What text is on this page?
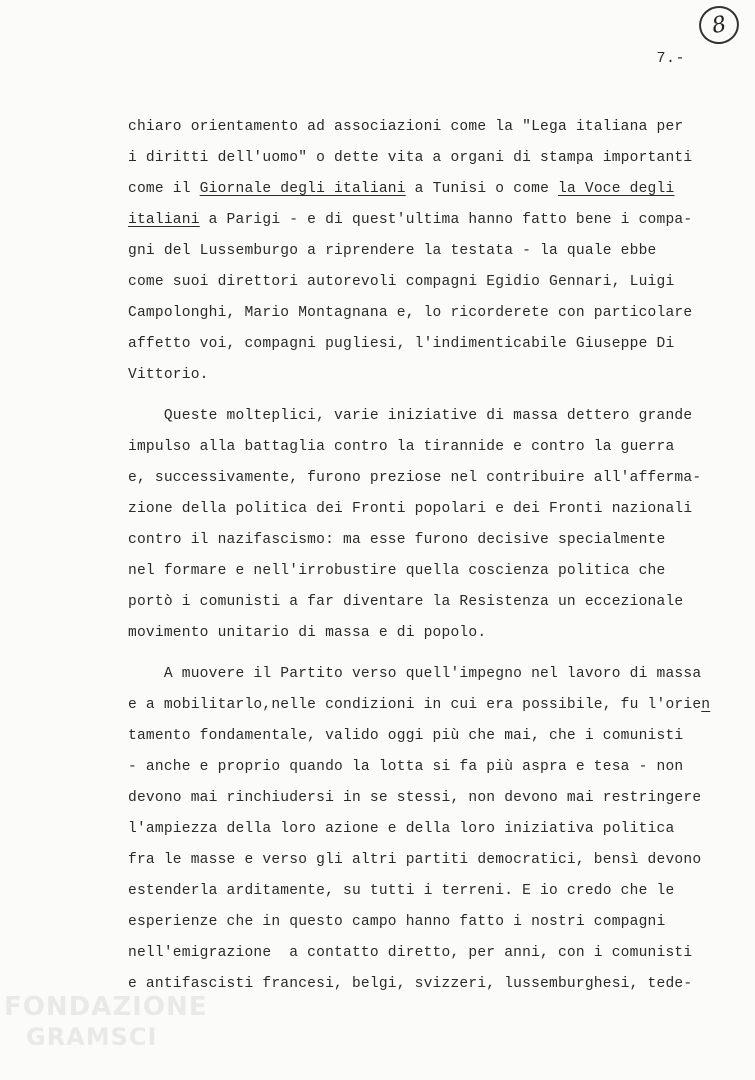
8
7.-
chiaro orientamento ad associazioni come la "Lega italiana per
i diritti dell'uomo" o dette vita a organi di stampa importanti
come il Giornale degli italiani a Tunisi o come la Voce degli
italiani a Parigi - e di quest'ultima hanno fatto bene i compa-
gni del Lussemburgo a riprendere la testata - la quale ebbe
come suoi direttori autorevoli compagni Egidio Gennari, Luigi
Campolonghi, Mario Montagnana e, lo ricorderete con particolare
affetto voi, compagni pugliesi, l'indimenticabile Giuseppe Di
Vittorio.
Queste molteplici, varie iniziative di massa dettero grande
impulso alla battaglia contro la tirannide e contro la guerra
e, successivamente, furono preziose nel contribuire all'afferma-
zione della politica dei Fronti popolari e dei Fronti nazionali
contro il nazifascismo: ma esse furono decisive specialmente
nel formare e nell'irrobustire quella coscienza politica che
portò i comunisti a far diventare la Resistenza un eccezionale
movimento unitario di massa e di popolo.
A muovere il Partito verso quell'impegno nel lavoro di massa
e a mobilitarlo,nelle condizioni in cui era possibile, fu l'orien
tamento fondamentale, valido oggi più che mai, che i comunisti
- anche e proprio quando la lotta si fa più aspra e tesa - non
devono mai rinchiudersi in se stessi, non devono mai restringere
l'ampiezza della loro azione e della loro iniziativa politica
fra le masse e verso gli altri partiti democratici, bensì devono
estenderla arditamente, su tutti i terreni. E io credo che le
esperienze che in questo campo hanno fatto i nostri compagni
nell'emigrazione  a contatto diretto, per anni, con i comunisti
e antifascisti francesi, belgi, svizzeri, lussemburghesi, tede-
FONDAZIONE
GRAMSCI
